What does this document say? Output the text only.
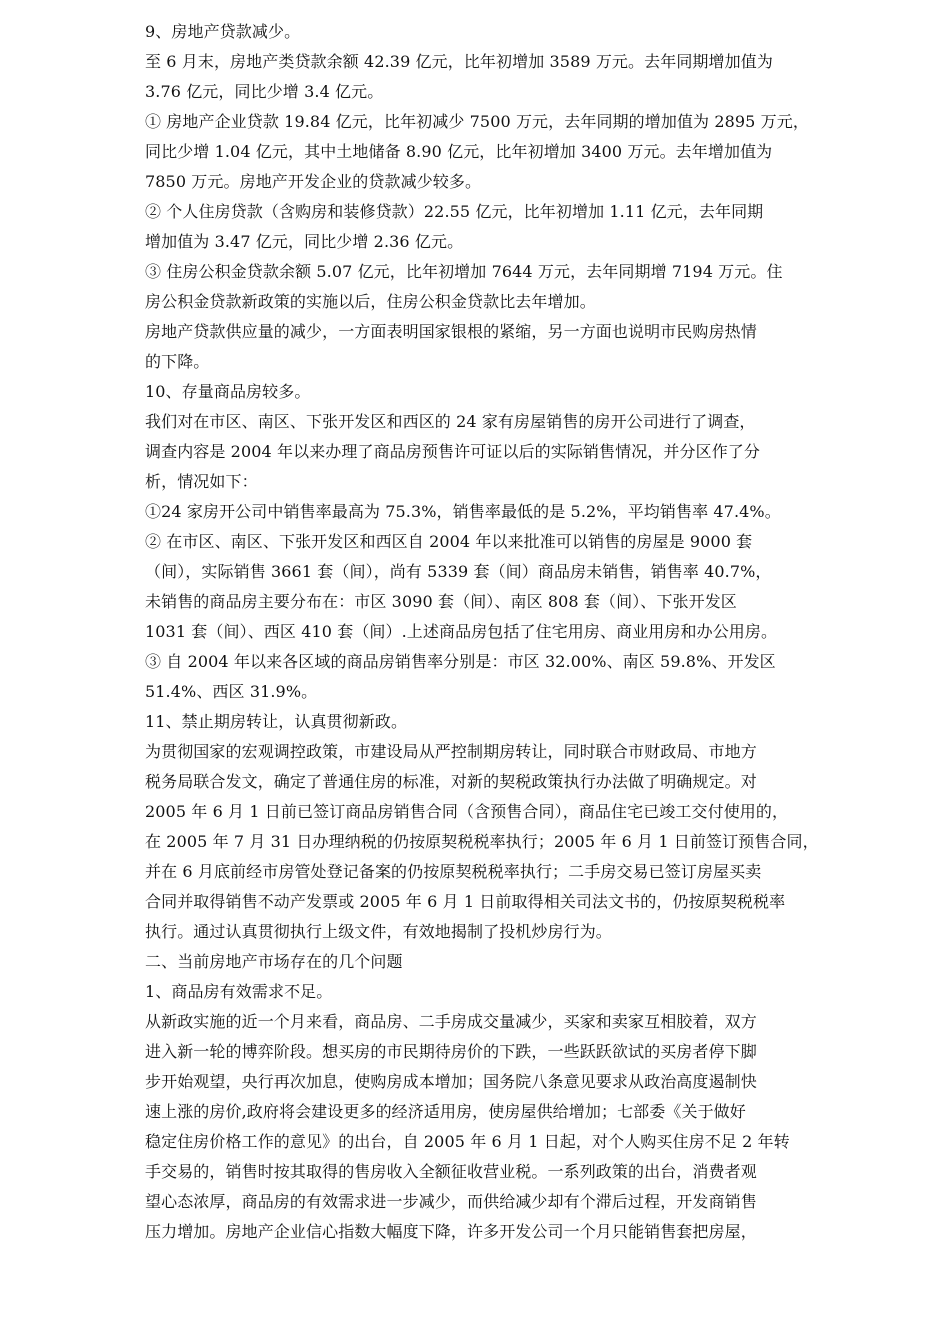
9、房地产贷款减少。
至 6 月末，房地产类贷款余额 42.39 亿元，比年初增加 3589 万元。去年同期增加值为
3.76 亿元，同比少增 3.4 亿元。
① 房地产企业贷款 19.84 亿元，比年初减少 7500 万元，去年同期的增加值为 2895 万元，
同比少增 1.04 亿元，其中土地储备 8.90 亿元，比年初增加 3400 万元。去年增加值为
7850 万元。房地产开发企业的贷款减少较多。
② 个人住房贷款（含购房和装修贷款）22.55 亿元，比年初增加 1.11 亿元，去年同期
增加值为 3.47 亿元，同比少增 2.36 亿元。
③ 住房公积金贷款余额 5.07 亿元，比年初增加 7644 万元，去年同期增 7194 万元。住
房公积金贷款新政策的实施以后，住房公积金贷款比去年增加。
房地产贷款供应量的减少，一方面表明国家银根的紧缩，另一方面也说明市民购房热情
的下降。
10、存量商品房较多。
我们对在市区、南区、下张开发区和西区的 24 家有房屋销售的房开公司进行了调查，
调查内容是 2004 年以来办理了商品房预售许可证以后的实际销售情况，并分区作了分
析，情况如下：
①24 家房开公司中销售率最高为 75.3%，销售率最低的是 5.2%，平均销售率 47.4%。
② 在市区、南区、下张开发区和西区自 2004 年以来批准可以销售的房屋是 9000 套
（间），实际销售 3661 套（间），尚有 5339 套（间）商品房未销售，销售率 40.7%，
未销售的商品房主要分布在：市区 3090 套（间）、南区 808 套（间）、下张开发区
1031 套（间）、西区 410 套（间）.上述商品房包括了住宅用房、商业用房和办公用房。
③ 自 2004 年以来各区域的商品房销售率分别是：市区 32.00%、南区 59.8%、开发区
51.4%、西区 31.9%。
11、禁止期房转让，认真贯彻新政。
为贯彻国家的宏观调控政策，市建设局从严控制期房转让，同时联合市财政局、市地方
税务局联合发文，确定了普通住房的标准，对新的契税政策执行办法做了明确规定。对
2005 年 6 月 1 日前已签订商品房销售合同（含预售合同），商品住宅已竣工交付使用的，
在 2005 年 7 月 31 日办理纳税的仍按原契税税率执行；2005 年 6 月 1 日前签订预售合同，
并在 6 月底前经市房管处登记备案的仍按原契税税率执行；二手房交易已签订房屋买卖
合同并取得销售不动产发票或 2005 年 6 月 1 日前取得相关司法文书的，仍按原契税税率
执行。通过认真贯彻执行上级文件，有效地揭制了投机炒房行为。
二、当前房地产市场存在的几个问题
1、商品房有效需求不足。
从新政实施的近一个月来看，商品房、二手房成交量减少，买家和卖家互相胶着，双方
进入新一轮的博弈阶段。想买房的市民期待房价的下跌，一些跃跃欲试的买房者停下脚
步开始观望，央行再次加息，使购房成本增加；国务院八条意见要求从政治高度遏制快
速上涨的房价,政府将会建设更多的经济适用房，使房屋供给增加；七部委《关于做好
稳定住房价格工作的意见》的出台，自 2005 年 6 月 1 日起，对个人购买住房不足 2 年转
手交易的，销售时按其取得的售房收入全额征收营业税。一系列政策的出台，消费者观
望心态浓厚，商品房的有效需求进一步减少，而供给减少却有个滞后过程，开发商销售
压力增加。房地产企业信心指数大幅度下降，许多开发公司一个月只能销售套把房屋，
